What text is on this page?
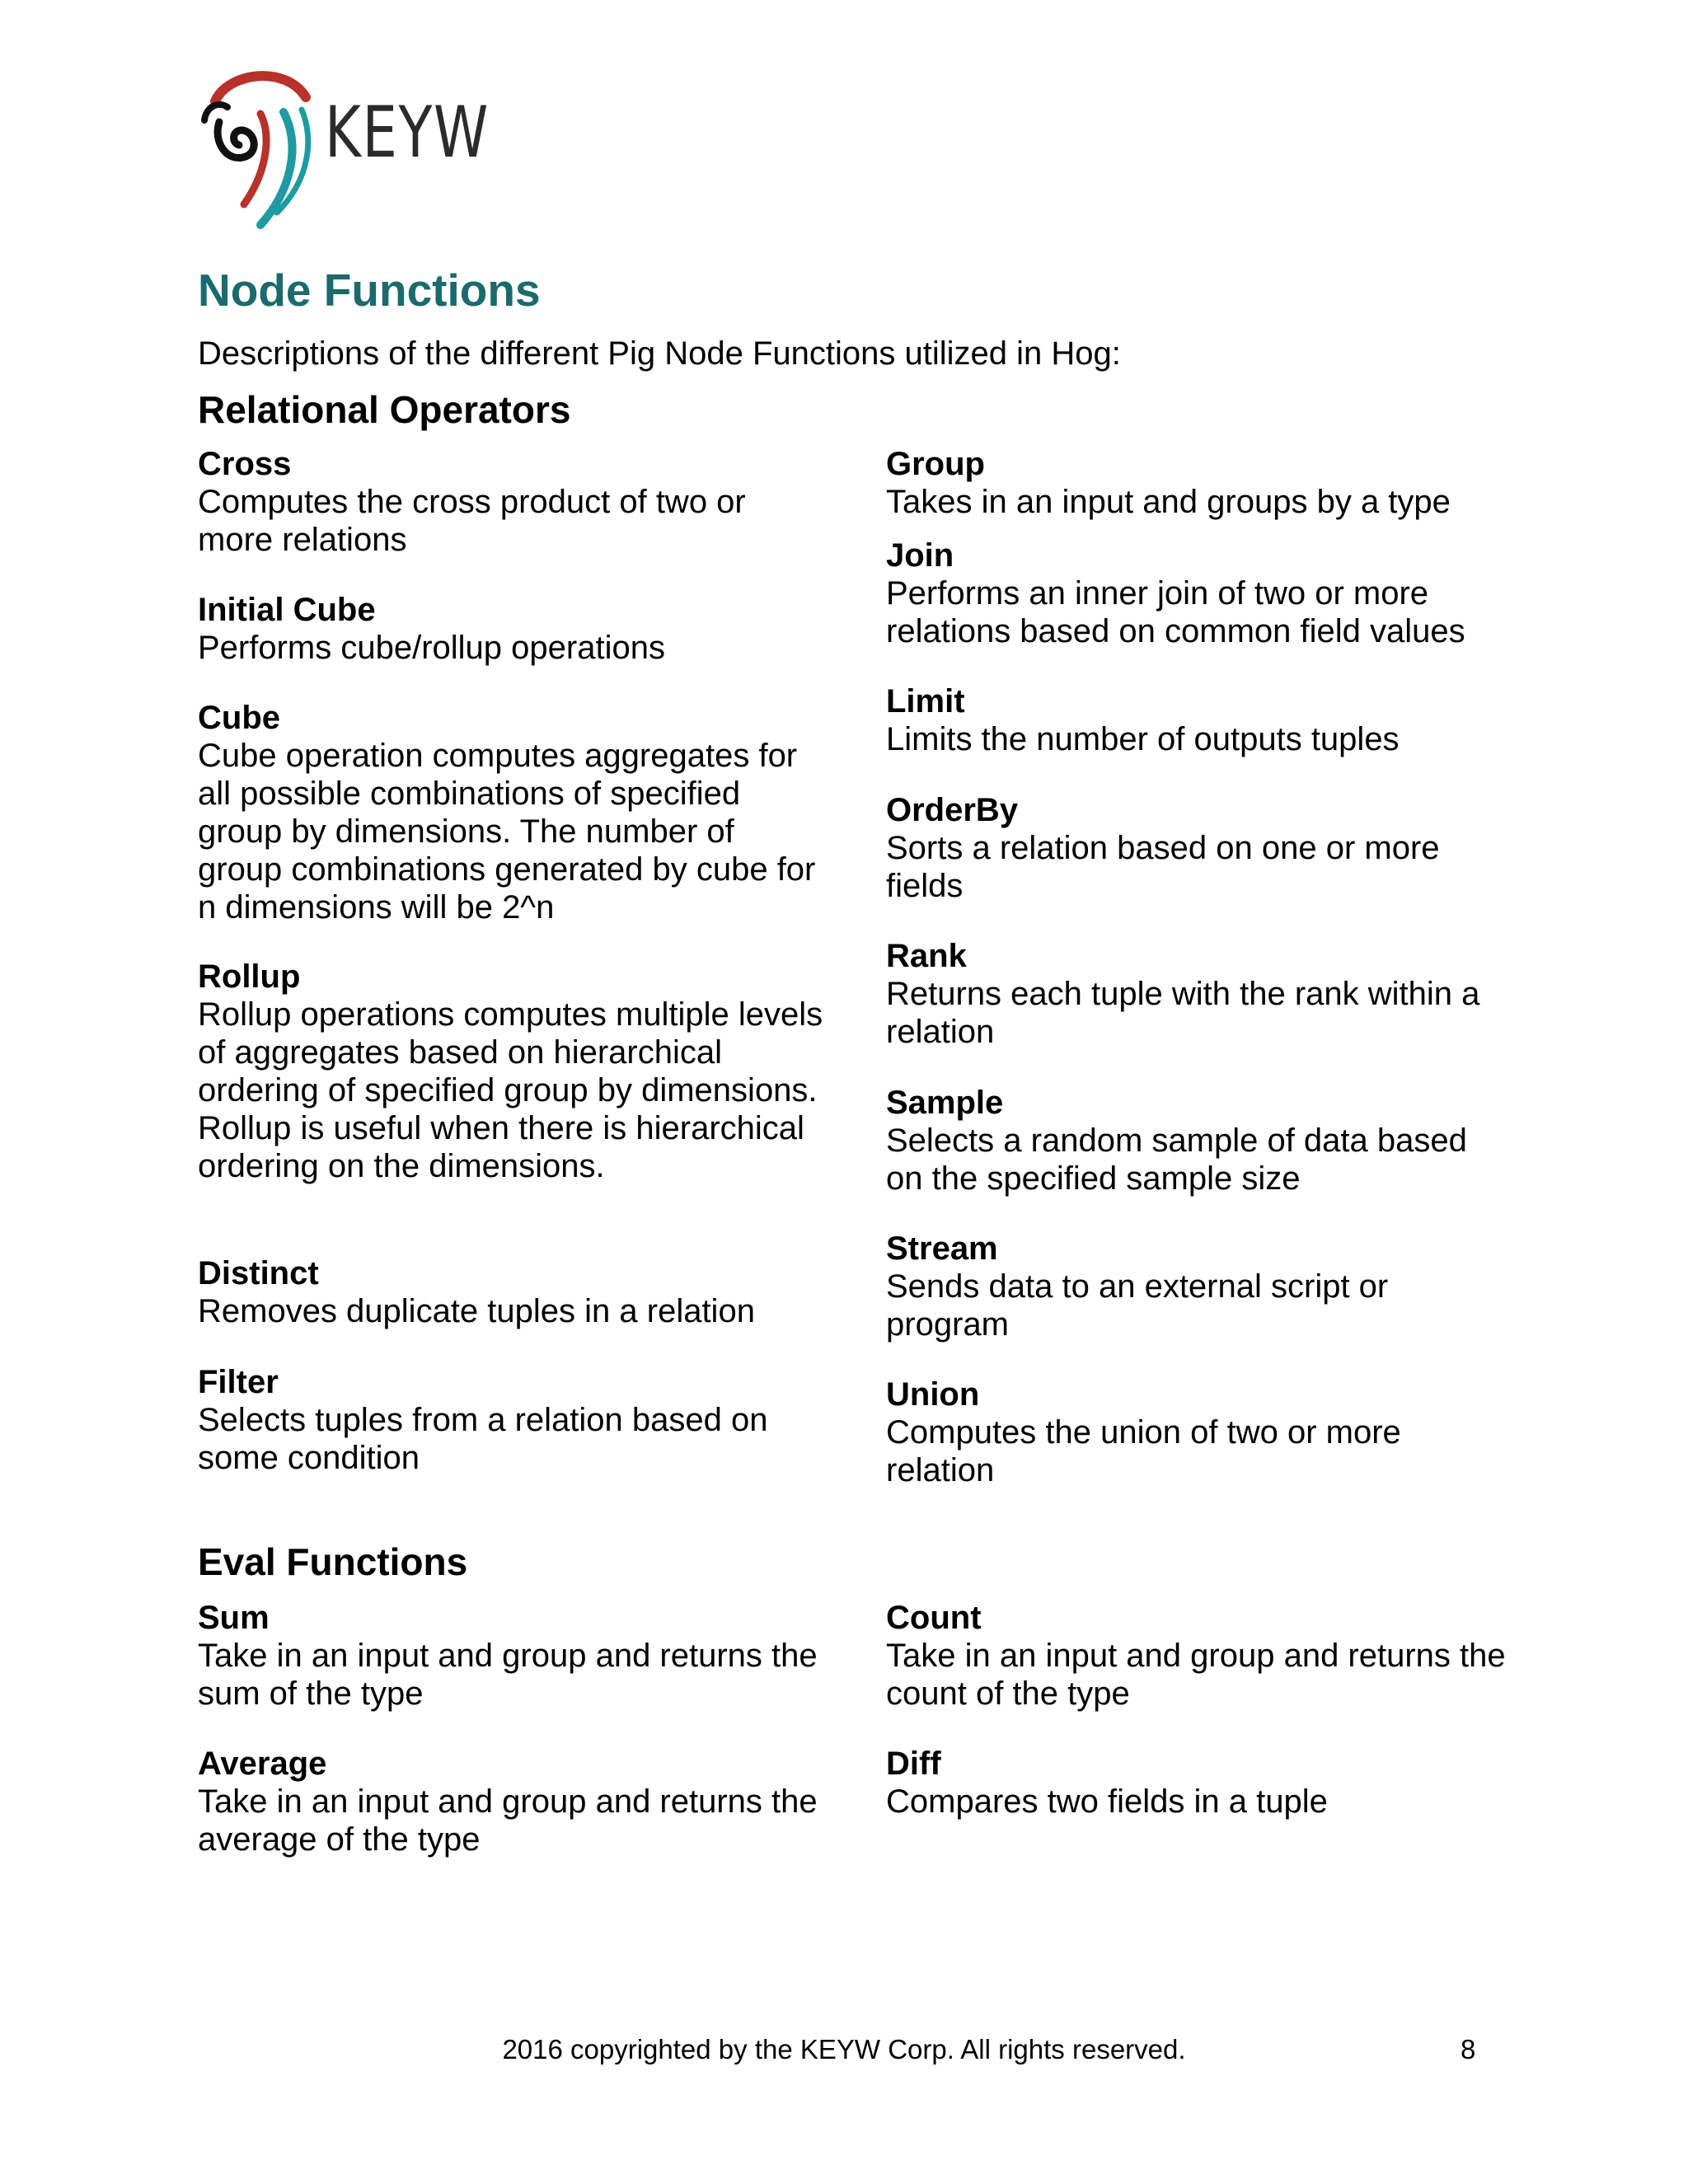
KEYW
Node Functions
Descriptions of the different Pig Node Functions utilized in Hog:
Relational Operators
Cross
Computes the cross product of two or more relations
Initial Cube
Performs cube/rollup operations
Cube
Cube operation computes aggregates for all possible combinations of specified group by dimensions. The number of group combinations generated by cube for n dimensions will be 2^n
Rollup
Rollup operations computes multiple levels of aggregates based on hierarchical ordering of specified group by dimensions. Rollup is useful when there is hierarchical ordering on the dimensions.
Distinct
Removes duplicate tuples in a relation
Filter
Selects tuples from a relation based on some condition
Group
Takes in an input and groups by a type
Join
Performs an inner join of two or more relations based on common field values
Limit
Limits the number of outputs tuples
OrderBy
Sorts a relation based on one or more fields
Rank
Returns each tuple with the rank within a relation
Sample
Selects a random sample of data based on the specified sample size
Stream
Sends data to an external script or program
Union
Computes the union of two or more relation
Eval Functions
Sum
Take in an input and group and returns the sum of the type
Average
Take in an input and group and returns the average of the type
Count
Take in an input and group and returns the count of the type
Diff
Compares two fields in a tuple
2016 copyrighted by the KEYW Corp. All rights reserved.	8
